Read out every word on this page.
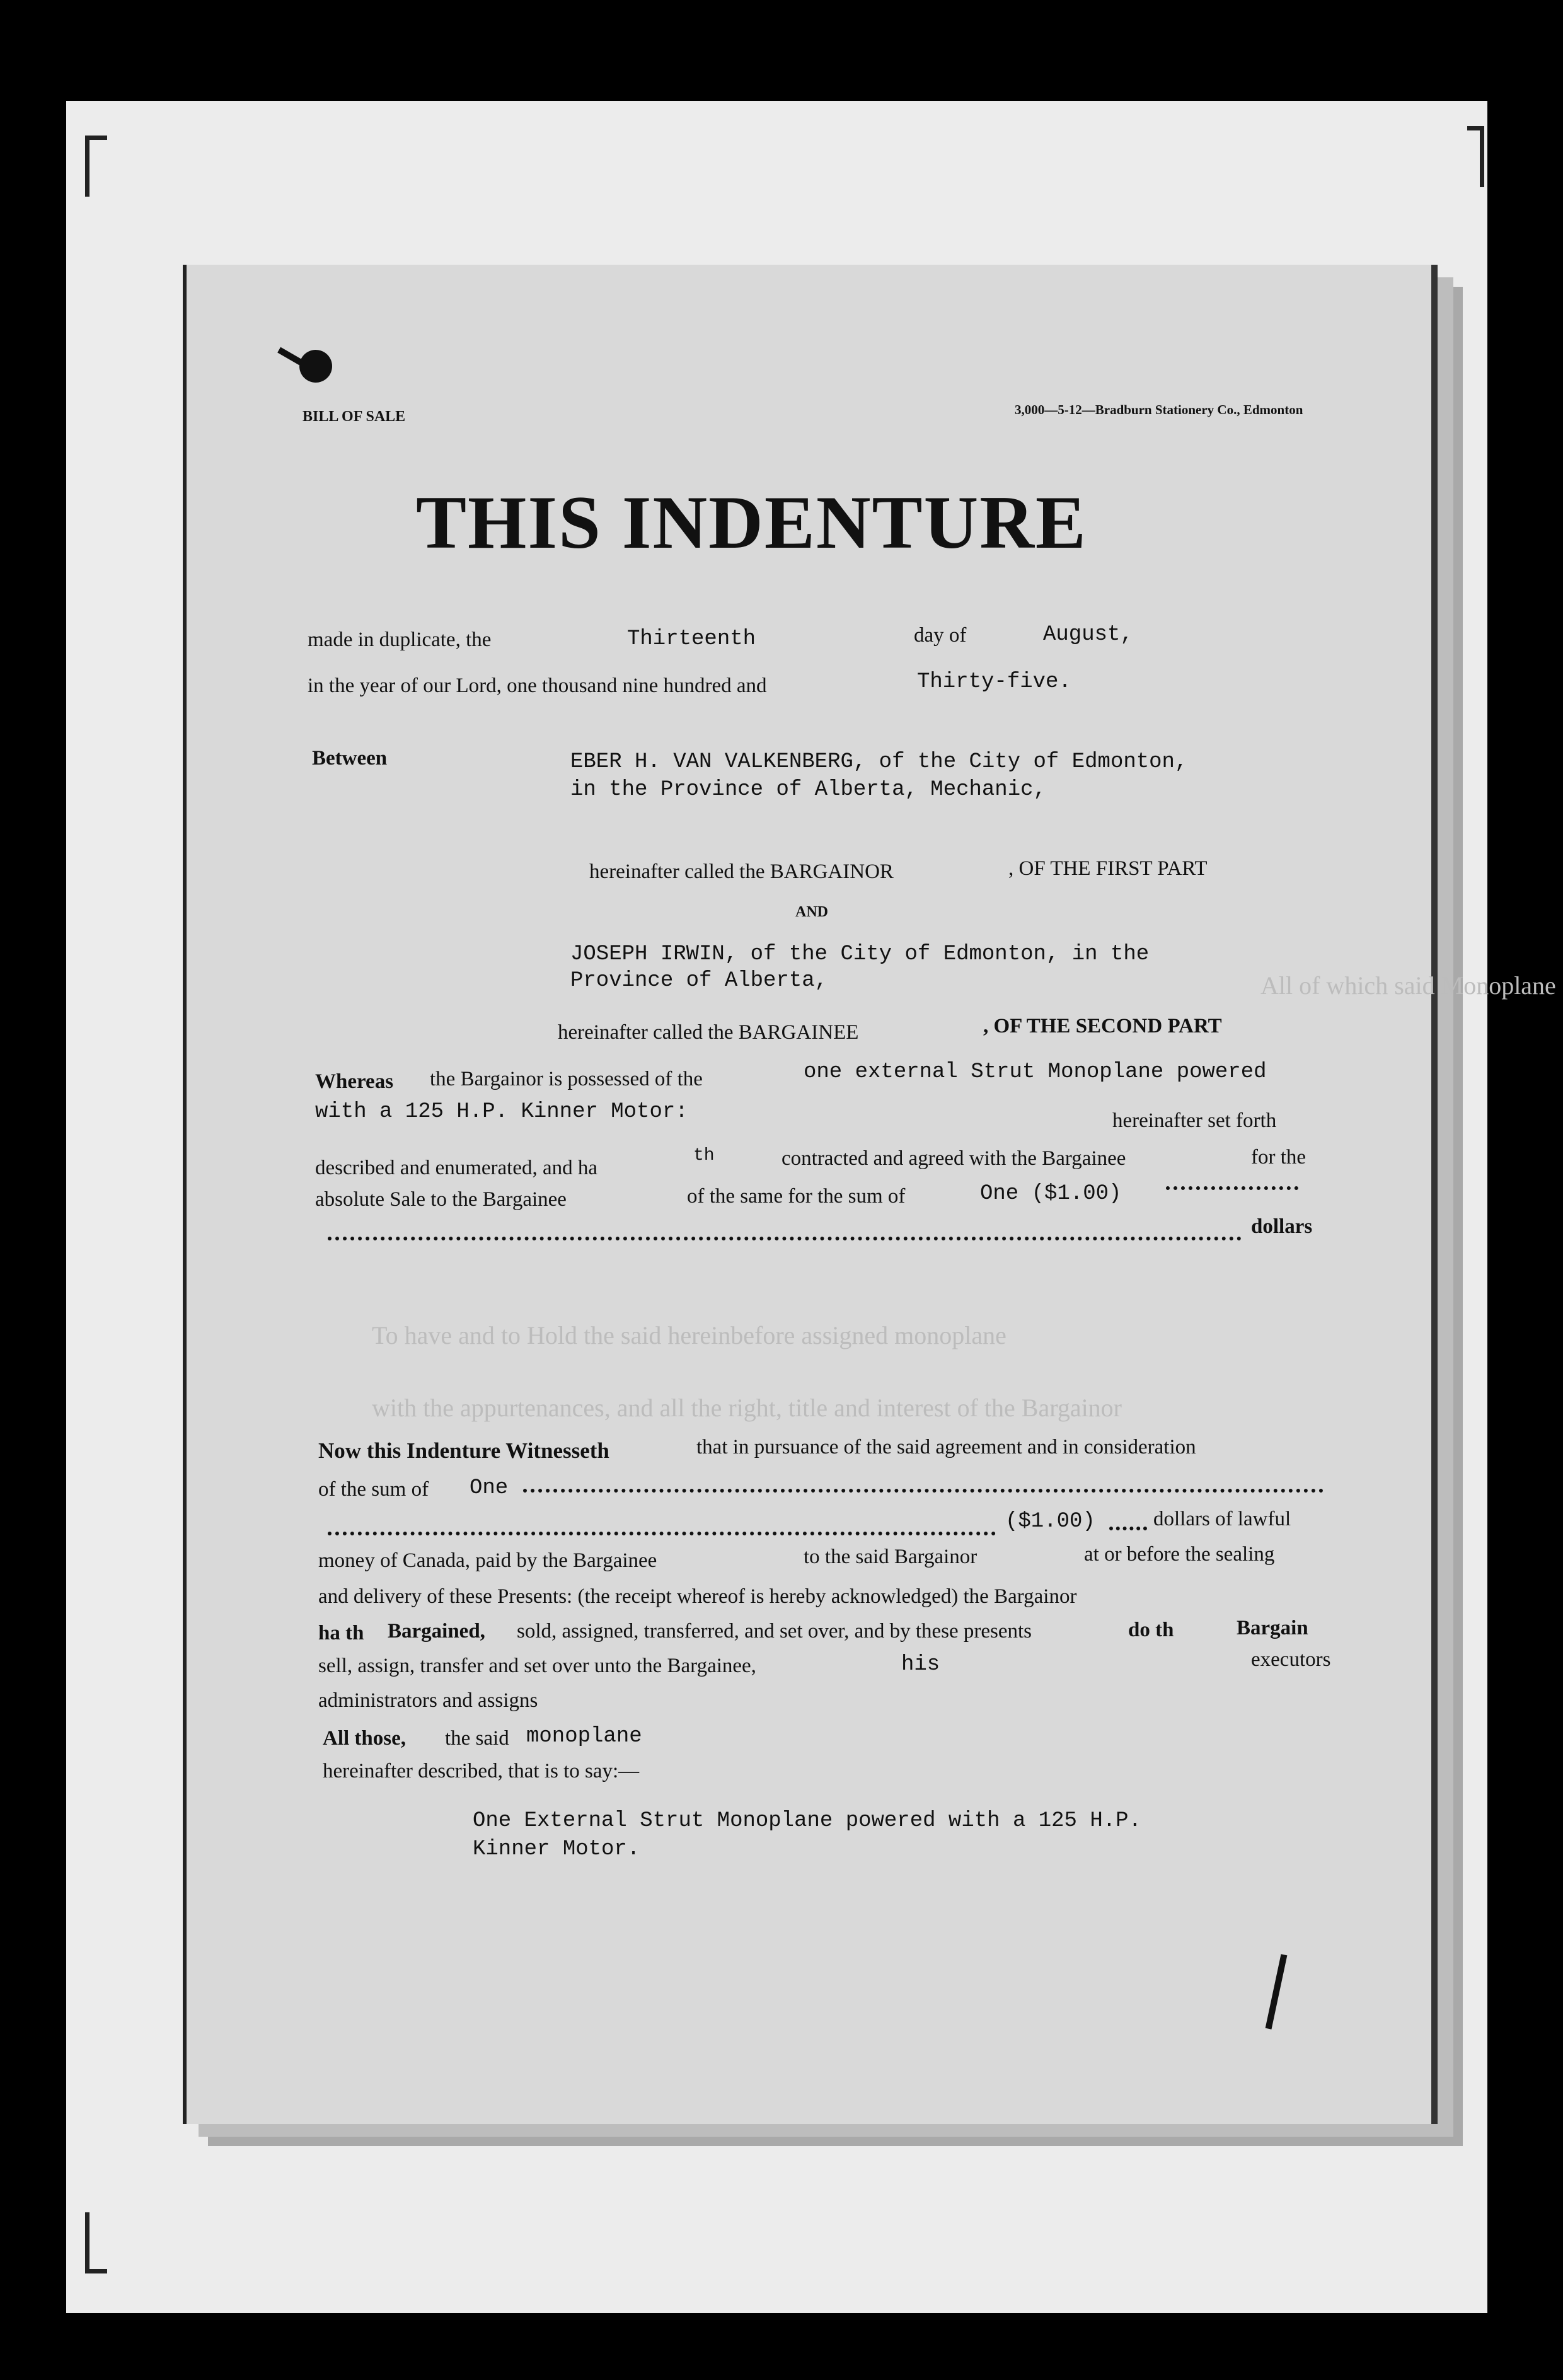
All of which said Monoplane
To have and to Hold the said hereinbefore assigned monoplane
with the appurtenances, and all the right, title and interest of the Bargainor
BILL OF SALE	3,000—5-12—Bradburn Stationery Co., Edmonton
THIS INDENTURE
made in duplicate, the	Thirteenth	day of	August,
in the year of our Lord, one thousand nine hundred and	Thirty-five.
Between	EBER H. VAN VALKENBERG, of the City of Edmonton,
in the Province of Alberta, Mechanic,
hereinafter called the BARGAINOR	, OF THE FIRST PART
AND
JOSEPH IRWIN, of the City of Edmonton, in the
Province of Alberta,
hereinafter called the BARGAINEE	, OF THE SECOND PART
Whereas the Bargainor is possessed of the	one external Strut Monoplane powered
with a 125 H.P. Kinner Motor:	hereinafter set forth
described and enumerated, and ha
th	contracted and agreed with the Bargainee	for the
absolute Sale to the Bargainee	of the same for the sum of	One ($1.00)
dollars
Now this Indenture Witnesseth	that in pursuance of the said agreement and in consideration
of the sum of One
($1.00)	dollars of lawful
money of Canada, paid by the Bargainee	to the said Bargainor	at or before the sealing
and delivery of these Presents: (the receipt whereof is hereby acknowledged) the Bargainor
ha th Bargained, sold, assigned, transferred, and set over, and by these presents	do th	Bargain
sell, assign, transfer and set over unto the Bargainee,	his	executors
administrators and assigns
All those, the said monoplane
hereinafter described, that is to say:—
One External Strut Monoplane powered with a 125 H.P.
Kinner Motor.
